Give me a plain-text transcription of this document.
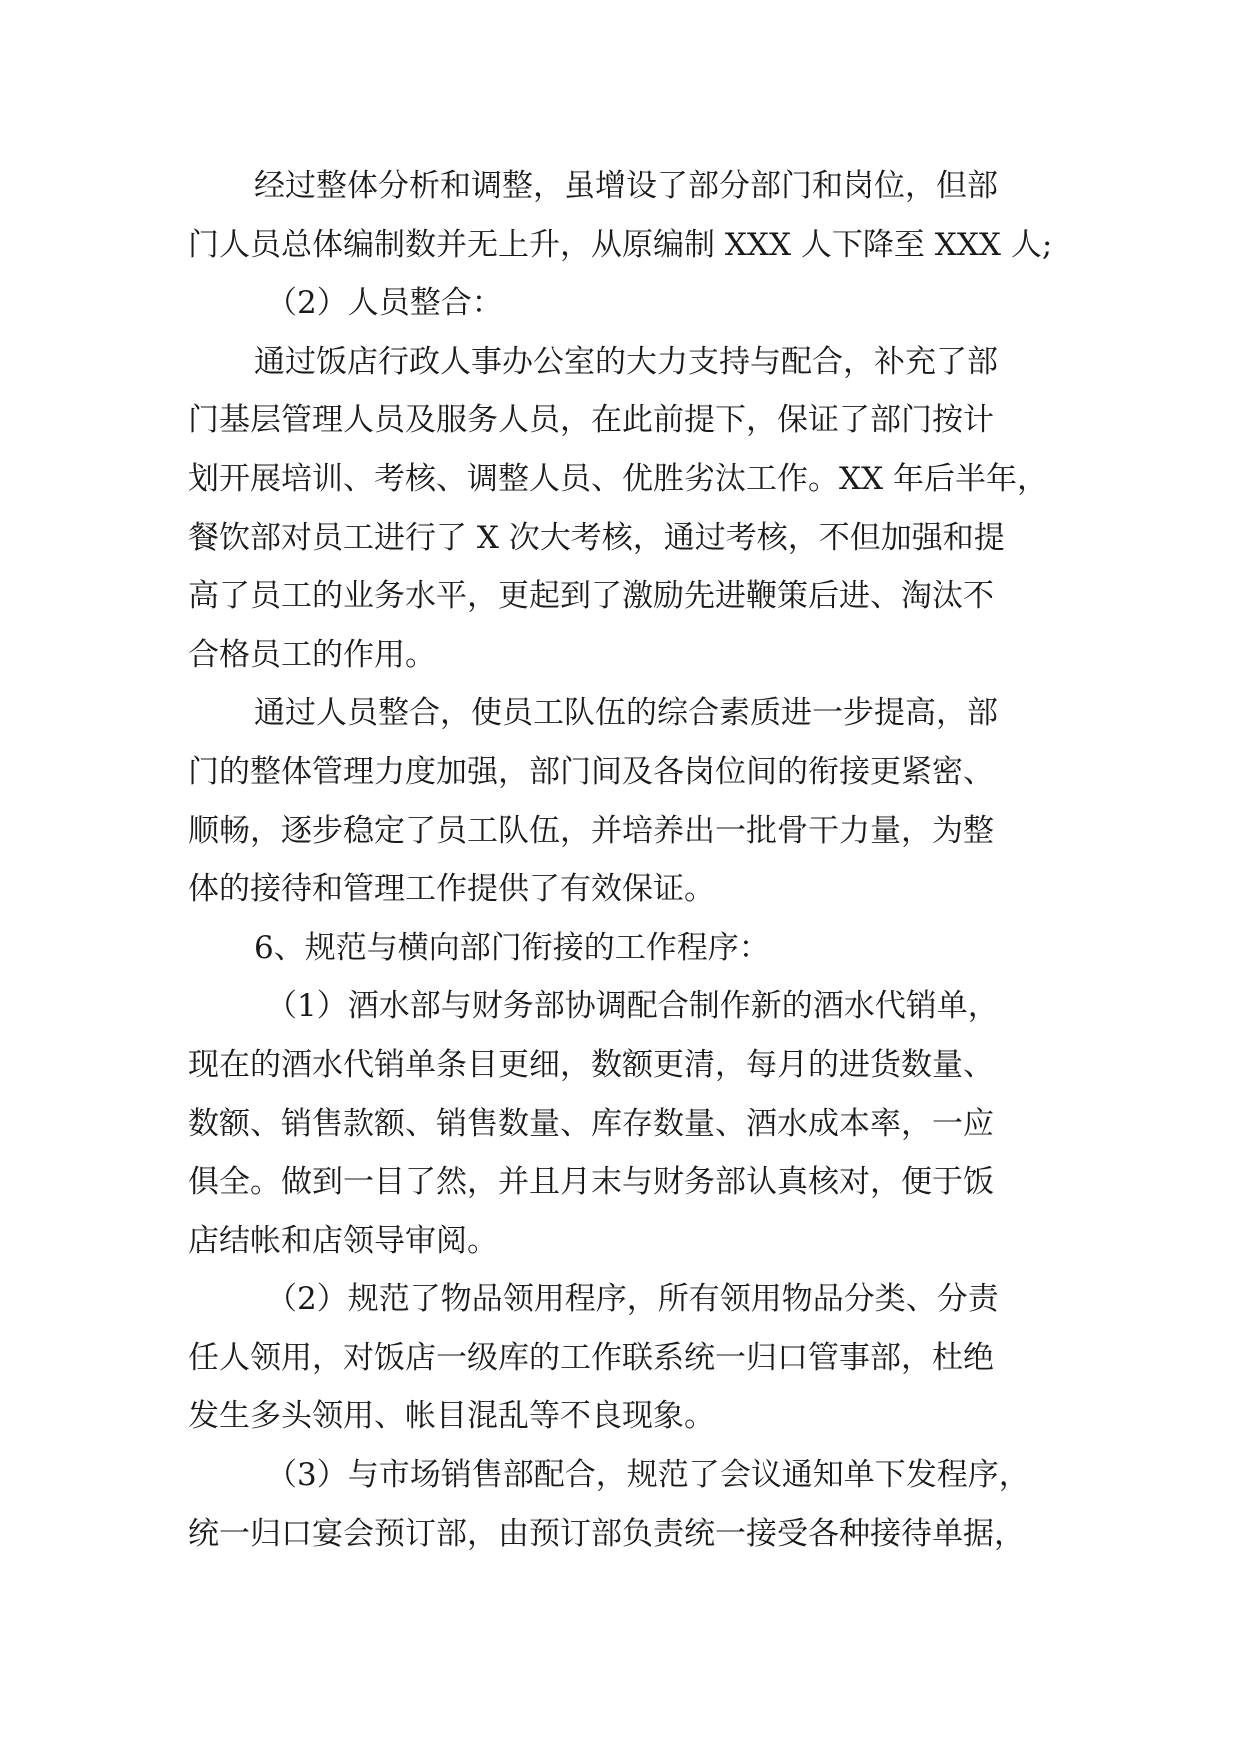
经过整体分析和调整，虽增设了部分部门和岗位，但部
门人员总体编制数并无上升，从原编制 XXX 人下降至 XXX 人;
（2）人员整合：
通过饭店行政人事办公室的大力支持与配合，补充了部
门基层管理人员及服务人员，在此前提下，保证了部门按计
划开展培训、考核、调整人员、优胜劣汰工作。XX 年后半年，
餐饮部对员工进行了 X 次大考核，通过考核，不但加强和提
高了员工的业务水平，更起到了激励先进鞭策后进、淘汰不
合格员工的作用。
通过人员整合，使员工队伍的综合素质进一步提高，部
门的整体管理力度加强，部门间及各岗位间的衔接更紧密、
顺畅，逐步稳定了员工队伍，并培养出一批骨干力量，为整
体的接待和管理工作提供了有效保证。
6、规范与横向部门衔接的工作程序：
（1）酒水部与财务部协调配合制作新的酒水代销单，
现在的酒水代销单条目更细，数额更清，每月的进货数量、
数额、销售款额、销售数量、库存数量、酒水成本率，一应
俱全。做到一目了然，并且月末与财务部认真核对，便于饭
店结帐和店领导审阅。
（2）规范了物品领用程序，所有领用物品分类、分责
任人领用，对饭店一级库的工作联系统一归口管事部，杜绝
发生多头领用、帐目混乱等不良现象。
（3）与市场销售部配合，规范了会议通知单下发程序，
统一归口宴会预订部，由预订部负责统一接受各种接待单据，
